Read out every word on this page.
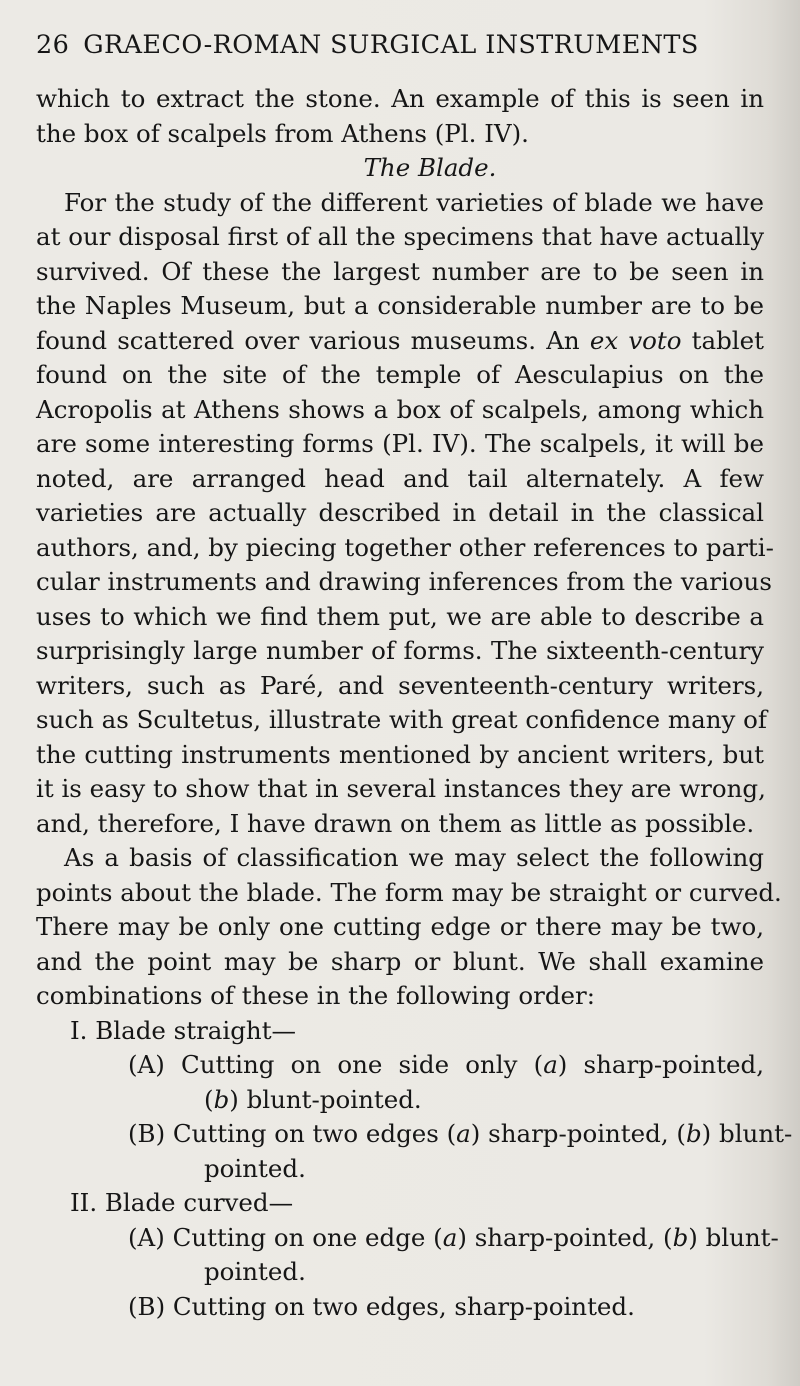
26 GRAECO-ROMAN SURGICAL INSTRUMENTS
which to extract the stone. An example of this is seen in
the box of scalpels from Athens (Pl. IV).
The Blade.
For the study of the different varieties of blade we have
at our disposal first of all the specimens that have actually
survived. Of these the largest number are to be seen in
the Naples Museum, but a considerable number are to be
found scattered over various museums. An ex voto tablet
found on the site of the temple of Aesculapius on the
Acropolis at Athens shows a box of scalpels, among which
are some interesting forms (Pl. IV). The scalpels, it will be
noted, are arranged head and tail alternately. A few
varieties are actually described in detail in the classical
authors, and, by piecing together other references to parti-
cular instruments and drawing inferences from the various
uses to which we find them put, we are able to describe a
surprisingly large number of forms. The sixteenth-century
writers, such as Paré, and seventeenth-century writers,
such as Scultetus, illustrate with great confidence many of
the cutting instruments mentioned by ancient writers, but
it is easy to show that in several instances they are wrong,
and, therefore, I have drawn on them as little as possible.
As a basis of classification we may select the following
points about the blade. The form may be straight or curved.
There may be only one cutting edge or there may be two,
and the point may be sharp or blunt. We shall examine
combinations of these in the following order:
I. Blade straight—
(A) Cutting on one side only (a) sharp-pointed,
(b) blunt-pointed.
(B) Cutting on two edges (a) sharp-pointed, (b) blunt-
pointed.
II. Blade curved—
(A) Cutting on one edge (a) sharp-pointed, (b) blunt-
pointed.
(B) Cutting on two edges, sharp-pointed.
